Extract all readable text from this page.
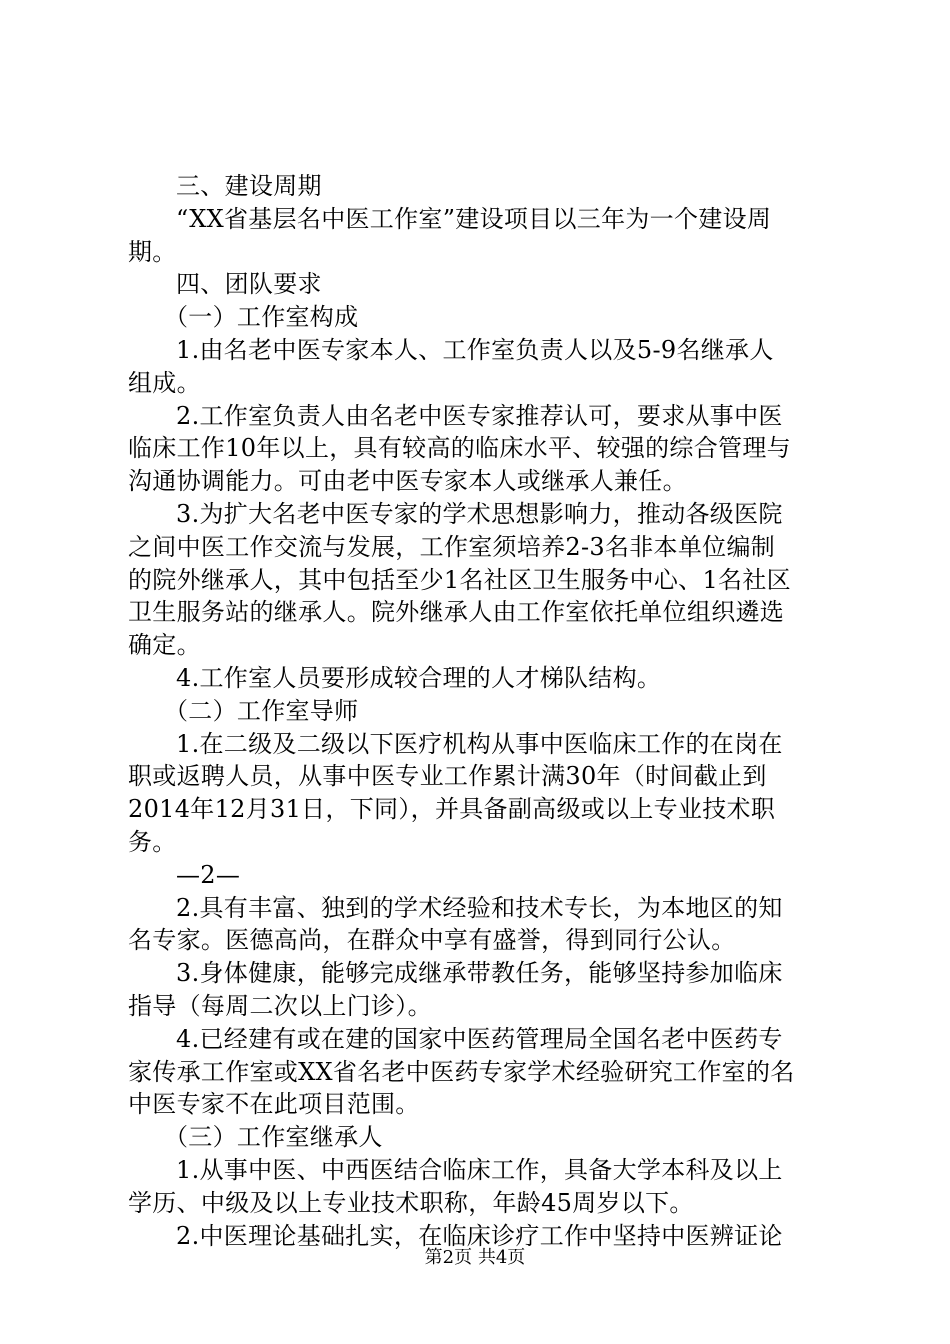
三、建设周期
“XX省基层名中医工作室”建设项目以三年为一个建设周
期。
四、团队要求
（一）工作室构成
1.由名老中医专家本人、工作室负责人以及5-9名继承人
组成。
2.工作室负责人由名老中医专家推荐认可，要求从事中医
临床工作10年以上，具有较高的临床水平、较强的综合管理与
沟通协调能力。可由老中医专家本人或继承人兼任。
3.为扩大名老中医专家的学术思想影响力，推动各级医院
之间中医工作交流与发展，工作室须培养2-3名非本单位编制
的院外继承人，其中包括至少1名社区卫生服务中心、1名社区
卫生服务站的继承人。院外继承人由工作室依托单位组织遴选
确定。
4.工作室人员要形成较合理的人才梯队结构。
（二）工作室导师
1.在二级及二级以下医疗机构从事中医临床工作的在岗在
职或返聘人员，从事中医专业工作累计满30年（时间截止到
2014年12月31日，下同），并具备副高级或以上专业技术职
务。
—2—
2.具有丰富、独到的学术经验和技术专长，为本地区的知
名专家。医德高尚，在群众中享有盛誉，得到同行公认。
3.身体健康，能够完成继承带教任务，能够坚持参加临床
指导（每周二次以上门诊）。
4.已经建有或在建的国家中医药管理局全国名老中医药专
家传承工作室或XX省名老中医药专家学术经验研究工作室的名
中医专家不在此项目范围。
（三）工作室继承人
1.从事中医、中西医结合临床工作，具备大学本科及以上
学历、中级及以上专业技术职称，年龄45周岁以下。
2.中医理论基础扎实，在临床诊疗工作中坚持中医辨证论
第2页 共4页
